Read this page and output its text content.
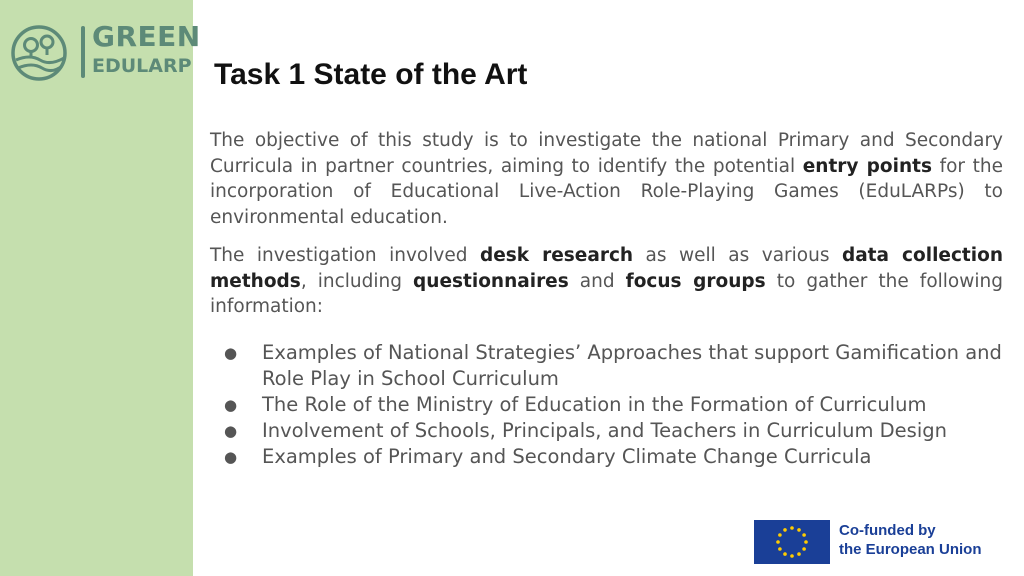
GREEN
EDULARP Task 1 State of the Art

The objective of this study is to investigate the national Primary and Secondary Curricula in partner countries, aiming to identify the potential entry points for the incorporation of Educational Live-Action Role-Playing Games (EduLARPs) to environmental education.

The investigation involved desk research as well as various data collection methods, including questionnaires and focus groups to gather the following information:

● Examples of National Strategies’ Approaches that support Gamification and Role Play in School Curriculum
● The Role of the Ministry of Education in the Formation of Curriculum
● Involvement of Schools, Principals, and Teachers in Curriculum Design
● Examples of Primary and Secondary Climate Change Curricula
Co-funded by
the European Union
